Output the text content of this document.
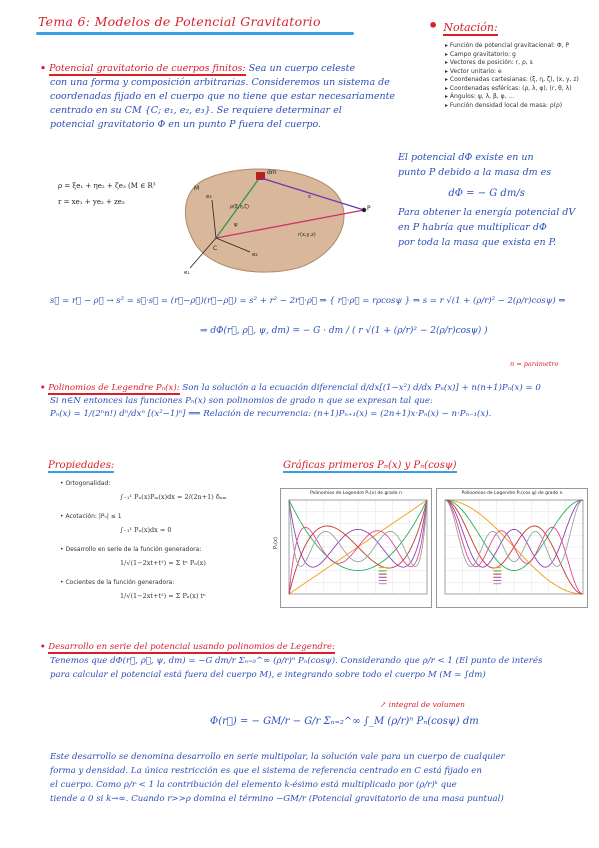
Tema 6: Modelos de Potencial Gravitatorio	• Notación:
▸ Función de potencial gravitacional: Φ, P
▸ Campo gravitatorio: g
▸ Vectores de posición: r, ρ, s
▸ Vector unitario: e
▸ Coordenadas cartesianas: (ξ, η, ζ), (x, y, z)
▸ Coordenadas esféricas: (ρ, λ, φ), (r, θ, λ)
▸ Ángulos: ψ, λ, β, φ, ...
▸ Función densidad local de masa: ρ(ρ)
• Potencial gravitatorio de cuerpos finitos: Sea un cuerpo celeste
con una forma y composición arbitrarias. Consideremos un sistema de
coordenadas fijado en el cuerpo que no tiene que estar necesariamente
centrado en su CM {C; e₁, e₂, e₃}. Se requiere determinar el
potencial gravitatorio Φ en un punto P fuera del cuerpo.
ρ = ξe₁ + ηe₂ + ζe₃ (M ∈ R³
r = xe₁ + ye₂ + ze₃
dm
M
P
C
e₁
e₂
e₃	s
ρ(ξ,η,ζ)
r(x,y,z)
ψ
El potencial dΦ existe en un
punto P debido a la masa dm es
dΦ = − G dm/s
Para obtener la energía potencial dV
en P habría que multiplicar dΦ
por toda la masa que exista en P.
s⃗ = r⃗ − ρ⃗ → s² = s⃗·s⃗ = (r⃗−ρ⃗)(r⃗−ρ⃗) = s² + r² − 2r⃗·ρ⃗ ⇒ { r⃗·ρ⃗ = rρcosψ } ⇒ s = r √(1 + (ρ/r)² − 2(ρ/r)cosψ) ⇒
⇒ dΦ(r⃗, ρ⃗, ψ, dm) = − G · dm / ( r √(1 + (ρ/r)² − 2(ρ/r)cosψ) )
n = parámetro
• Polinomios de Legendre Pₙ(x): Son la solución a la ecuación diferencial d/dx[(1−x²) d/dx Pₙ(x)] + n(n+1)Pₙ(x) = 0
Si n∈N entonces las funciones Pₙ(x) son polinomios de grado n que se expresan tal que:
Pₙ(x) = 1/(2ⁿn!) dⁿ/dxⁿ [(x²−1)ⁿ] ⟹ Relación de recurrencia: (n+1)Pₙ₊₁(x) = (2n+1)x·Pₙ(x) − n·Pₙ₋₁(x).
Propiedades:
• Ortogonalidad:
∫₋₁¹ Pₙ(x)Pₘ(x)dx = 2/(2n+1) δₙₘ
• Acotación: |Pₙ| ≤ 1
∫₋₁¹ Pₙ(x)dx = 0
• Desarrollo en serie de la función generadora:
1/√(1−2xt+t²) = Σ tⁿ Pₙ(x)
• Cocientes de la función generadora:
1/√(1−2xt+t²) = Σ Pₙ(x) tⁿ
Gráficas primeros Pₙ(x) y Pₙ(cosψ)
Polinomios de Legendre Pₙ(x) de grado n
Pₙ(x)
Polinomios de Legendre Pₙ(cos ψ) de grado n
• Desarrollo en serie del potencial usando polinomios de Legendre:
Tenemos que dΦ(r⃗, ρ⃗, ψ, dm) = −G dm/r Σₙ₌₀^∞ (ρ/r)ⁿ Pₙ(cosψ). Considerando que ρ/r < 1 (El punto de interés
para calcular el potencial está fuera del cuerpo M), e integrando sobre todo el cuerpo M (M = ∫dm)
↗ integral de volumen
Φ(r⃗) = − GM/r − G/r Σₙ₌₂^∞ ∫_M (ρ/r)ⁿ Pₙ(cosψ) dm
Este desarrollo se denomina desarrollo en serie multipolar, la solución vale para un cuerpo de cualquier
forma y densidad. La única restricción es que el sistema de referencia centrado en C está fijado en
el cuerpo. Como ρ/r < 1 la contribución del elemento k-ésimo está multiplicado por (ρ/r)ᵏ que
tiende a 0 si k→∞. Cuando r>>ρ domina el término −GM/r (Potencial gravitatorio de una masa puntual)
